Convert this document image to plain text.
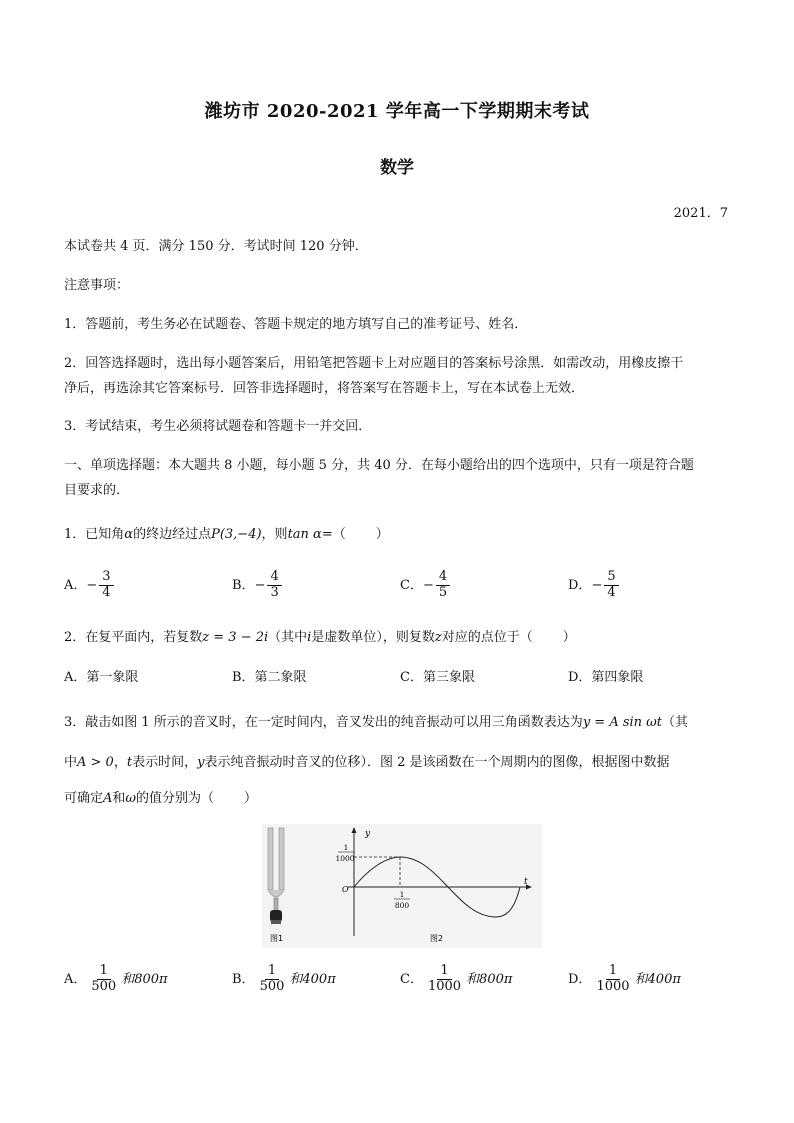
潍坊市 2020-2021 学年高一下学期期末考试
数学
2021．7
本试卷共 4 页．满分 150 分．考试时间 120 分钟．
注意事项：
1．答题前，考生务必在试题卷、答题卡规定的地方填写自己的准考证号、姓名．
2．回答选择题时，选出每小题答案后，用铅笔把答题卡上对应题目的答案标号涂黑．如需改动，用橡皮擦干
净后，再选涂其它答案标号．回答非选择题时，将答案写在答题卡上，写在本试卷上无效．
3．考试结束，考生必须将试题卷和答题卡一并交回．
一、单项选择题：本大题共 8 小题，每小题 5 分，共 40 分．在每小题给出的四个选项中，只有一项是符合题
目要求的．
1．已知角α的终边经过点P(3,−4)，则tan α=（ ）
A．− $\frac{3}{4}$	B．− $\frac{4}{3}$	C．− $\frac{4}{5}$	D．− $\frac{5}{4}$
2．在复平面内，若复数z = 3 − 2i（其中i是虚数单位），则复数z对应的点位于（ ）
A．第一象限	B．第二象限	C．第三象限	D．第四象限
3．敲击如图 1 所示的音叉时，在一定时间内，音叉发出的纯音振动可以用三角函数表达为y = A sin ωt（其
中A > 0，t表示时间，y表示纯音振动时音叉的位移）．图 2 是该函数在一个周期内的图像，根据图中数据
可确定A和ω的值分别为（ ）
y
t
O
1
1000
1
800
图1	图2
A． $\frac{1}{500}$ 和800π	B． $\frac{1}{500}$ 和400π	C． $\frac{1}{1000}$ 和800π	D． $\frac{1}{1000}$ 和400π
